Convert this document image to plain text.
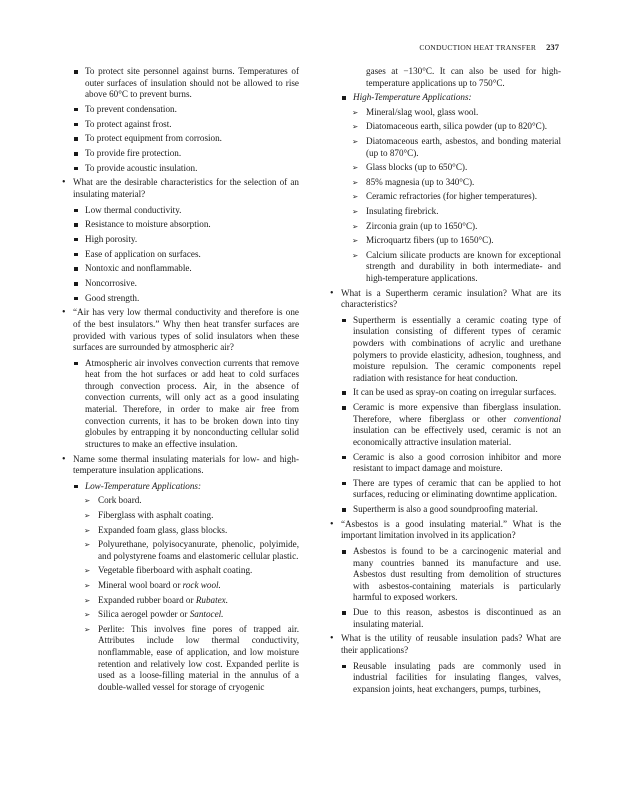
CONDUCTION HEAT TRANSFER 237

To protect site personnel against burns. Temperatures of outer surfaces of insulation should not be allowed to rise above 60°C to prevent burns.

To prevent condensation.

To protect against frost.

To protect equipment from corrosion.

To provide fire protection.

To provide acoustic insulation.

• What are the desirable characteristics for the selection of an insulating material?

Low thermal conductivity.

Resistance to moisture absorption.

High porosity.

Ease of application on surfaces.

Nontoxic and nonflammable.

Noncorrosive.

Good strength.

• “Air has very low thermal conductivity and therefore is one of the best insulators.” Why then heat transfer surfaces are provided with various types of solid insulators when these surfaces are surrounded by atmospheric air?

Atmospheric air involves convection currents that remove heat from the hot surfaces or add heat to cold surfaces through convection process. Air, in the absence of convection currents, will only act as a good insulating material. Therefore, in order to make air free from convection currents, it has to be broken down into tiny globules by entrapping it by nonconducting cellular solid structures to make an effective insulation.

• Name some thermal insulating materials for low- and high-temperature insulation applications.

Low-Temperature Applications:

➢ Cork board.

➢ Fiberglass with asphalt coating.

➢ Expanded foam glass, glass blocks.

➢ Polyurethane, polyisocyanurate, phenolic, polyimide, and polystyrene foams and elastomeric cellular plastic.

➢ Vegetable fiberboard with asphalt coating.

➢ Mineral wool board or rock wool.

➢ Expanded rubber board or Rubatex.

➢ Silica aerogel powder or Santocel.

➢ Perlite: This involves fine pores of trapped air. Attributes include low thermal conductivity, nonflammable, ease of application, and low moisture retention and relatively low cost. Expanded perlite is used as a loose-filling material in the annulus of a double-walled vessel for storage of cryogenic

gases at −130°C. It can also be used for high-temperature applications up to 750°C.

High-Temperature Applications:

➢ Mineral/slag wool, glass wool.

➢ Diatomaceous earth, silica powder (up to 820°C).

➢ Diatomaceous earth, asbestos, and bonding material (up to 870°C).

➢ Glass blocks (up to 650°C).

➢ 85% magnesia (up to 340°C).

➢ Ceramic refractories (for higher temperatures).

➢ Insulating firebrick.

➢ Zirconia grain (up to 1650°C).

➢ Microquartz fibers (up to 1650°C).

➢ Calcium silicate products are known for exceptional strength and durability in both intermediate- and high-temperature applications.

• What is a Supertherm ceramic insulation? What are its characteristics?

Supertherm is essentially a ceramic coating type of insulation consisting of different types of ceramic powders with combinations of acrylic and urethane polymers to provide elasticity, adhesion, toughness, and moisture repulsion. The ceramic components repel radiation with resistance for heat conduction.

It can be used as spray-on coating on irregular surfaces.

Ceramic is more expensive than fiberglass insulation. Therefore, where fiberglass or other conventional insulation can be effectively used, ceramic is not an economically attractive insulation material.

Ceramic is also a good corrosion inhibitor and more resistant to impact damage and moisture.

There are types of ceramic that can be applied to hot surfaces, reducing or eliminating downtime application.

Supertherm is also a good soundproofing material.

• “Asbestos is a good insulating material.” What is the important limitation involved in its application?

Asbestos is found to be a carcinogenic material and many countries banned its manufacture and use. Asbestos dust resulting from demolition of structures with asbestos-containing materials is particularly harmful to exposed workers.

Due to this reason, asbestos is discontinued as an insulating material.

• What is the utility of reusable insulation pads? What are their applications?

Reusable insulating pads are commonly used in industrial facilities for insulating flanges, valves, expansion joints, heat exchangers, pumps, turbines,
